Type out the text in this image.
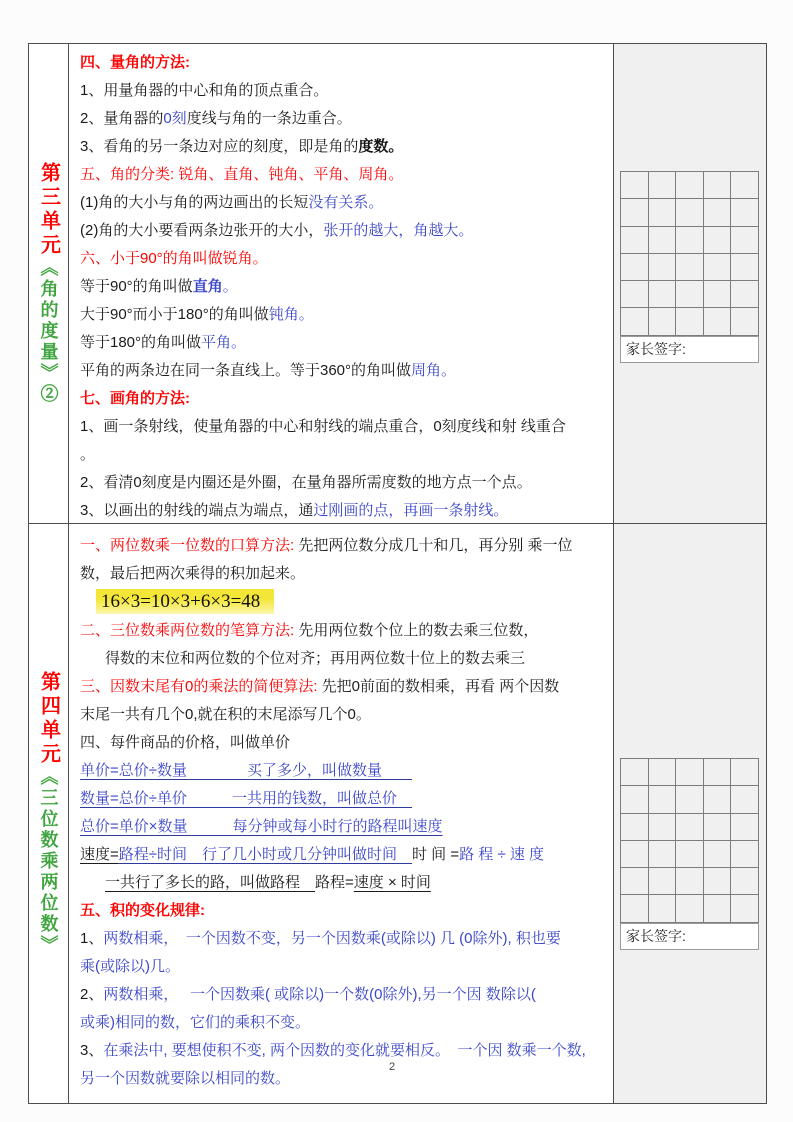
第三单元《角的度量》②
四、量角的方法:
1、用量角器的中心和角的顶点重合。
2、量角器的0刻度线与角的一条边重合。
3、看角的另一条边对应的刻度，即是角的度数。
五、角的分类: 锐角、直角、钝角、平角、周角。
(1)角的大小与角的两边画出的长短没有关系。
(2)角的大小要看两条边张开的大小，张开的越大，角越大。
六、小于90°的角叫做锐角。
等于90°的角叫做直角。
大于90°而小于180°的角叫做钝角。
等于180°的角叫做平角。
平角的两条边在同一条直线上。等于360°的角叫做周角。
七、画角的方法:
1、画一条射线，使量角器的中心和射线的端点重合，0刻度线和射 线重合
。
2、看清0刻度是内圈还是外圈，在量角器所需度数的地方点一个点。
3、以画出的射线的端点为端点，通过刚画的点，再画一条射线。
家长签字:
第四单元《三位数乘两位数》
一、两位数乘一位数的口算方法: 先把两位数分成几十和几，再分别 乘一位
数，最后把两次乘得的积加起来。
16×3=10×3+6×3=48
二、三位数乘两位数的笔算方法: 先用两位数个位上的数去乘三位数，
得数的末位和两位数的个位对齐；再用两位数十位上的数去乘三
三、因数末尾有0的乘法的简便算法: 先把0前面的数相乘，再看 两个因数
末尾一共有几个0,就在积的末尾添写几个0。
四、每件商品的价格，叫做单价
单价=总价÷数量　　　　买了多少，叫做数量　　
数量=总价÷单价　　　一共用的钱数，叫做总价　
总价=单价×数量　　　每分钟或每小时行的路程叫速度
速度=路程÷时间　行了几小时或几分钟叫做时间　时 间 =路 程 ÷ 速 度
一共行了多长的路，叫做路程　路程=速度 × 时间
五、积的变化规律:
1、两数相乘，　一个因数不变，另一个因数乘(或除以) 几 (0除外), 积也要
乘(或除以)几。
2、两数相乘，　 一个因数乘( 或除以)一个数(0除外),另一个因 数除以(
或乘)相同的数，它们的乘积不变。
3、在乘法中, 要想使积不变, 两个因数的变化就要相反。　一个因 数乘一个数,
另一个因数就要除以相同的数。
家长签字:
2
